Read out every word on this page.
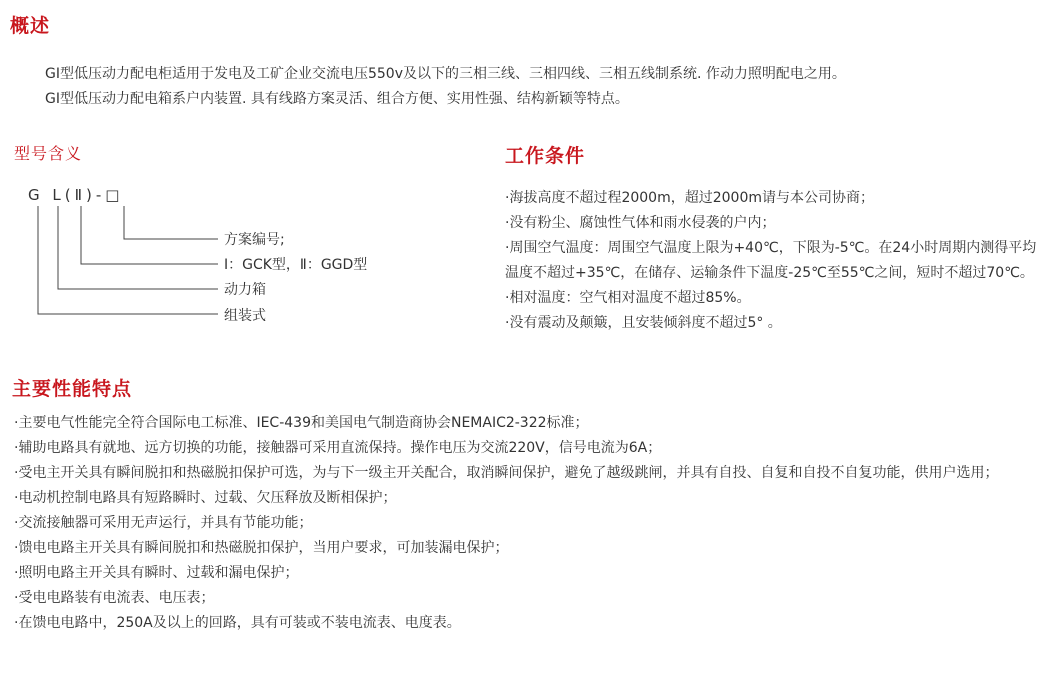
概述

GI型低压动力配电柜适用于发电及工矿企业交流电压550v及以下的三相三线、三相四线、三相五线制系统. 作动力照明配电之用。

GI型低压动力配电箱系户内装置. 具有线路方案灵活、组合方便、实用性强、结构新颖等特点。

型号含义
G L(Ⅱ)-□
方案编号;
Ⅰ：GCK型，Ⅱ：GGD型
动力箱
组装式
工作条件
·海拔高度不超过程2000m，超过2000m请与本公司协商；
·没有粉尘、腐蚀性气体和雨水侵袭的户内；
·周围空气温度：周围空气温度上限为+40℃，下限为-5℃。在24小时周期内测得平均温度不超过+35℃，在储存、运输条件下温度-25℃至55℃之间，短时不超过70℃。
·相对温度：空气相对温度不超过85%。
·没有震动及颠簸，且安装倾斜度不超过5° 。
主要性能特点
·主要电气性能完全符合国际电工标准、IEC-439和美国电气制造商协会NEMAIC2-322标准；
·辅助电路具有就地、远方切换的功能，接触器可采用直流保持。操作电压为交流220V，信号电流为6A；
·受电主开关具有瞬间脱扣和热磁脱扣保护可选，为与下一级主开关配合，取消瞬间保护，避免了越级跳闸，并具有自投、自复和自投不自复功能，供用户选用；
·电动机控制电路具有短路瞬时、过载、欠压释放及断相保护；
·交流接触器可采用无声运行，并具有节能功能；
·馈电电路主开关具有瞬间脱扣和热磁脱扣保护，当用户要求，可加装漏电保护；
·照明电路主开关具有瞬时、过载和漏电保护；
·受电电路装有电流表、电压表；
·在馈电电路中，250A及以上的回路，具有可装或不装电流表、电度表。
